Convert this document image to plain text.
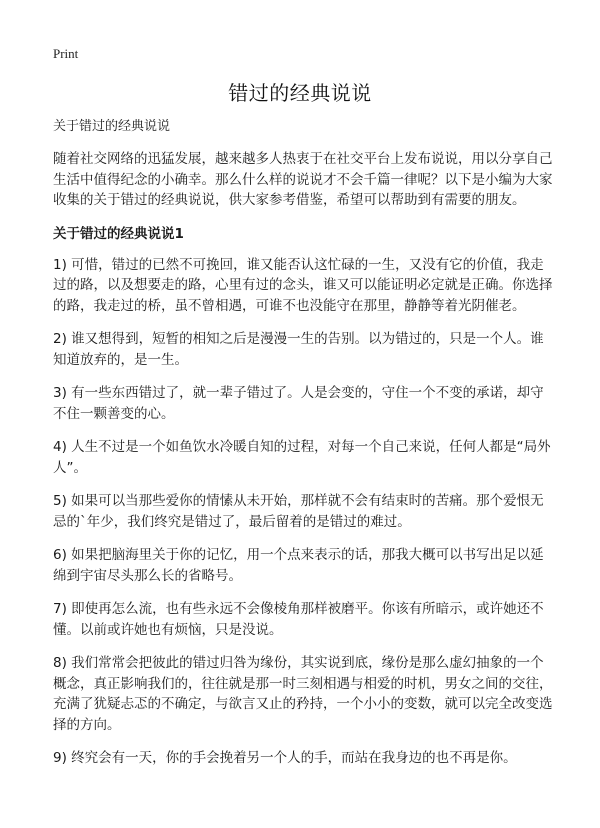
Print
错过的经典说说

关于错过的经典说说

随着社交网络的迅猛发展，越来越多人热衷于在社交平台上发布说说，用以分享自己生活中值得纪念的小确幸。那么什么样的说说才不会千篇一律呢？以下是小编为大家收集的关于错过的经典说说，供大家参考借鉴，希望可以帮助到有需要的朋友。

关于错过的经典说说1

1) 可惜，错过的已然不可挽回，谁又能否认这忙碌的一生，又没有它的价值，我走过的路，以及想要走的路，心里有过的念头，谁又可以能证明必定就是正确。你选择的路，我走过的桥，虽不曾相遇，可谁不也没能守在那里，静静等着光阴催老。

2) 谁又想得到，短暂的相知之后是漫漫一生的告别。以为错过的，只是一个人。谁知道放弃的，是一生。

3) 有一些东西错过了，就一辈子错过了。人是会变的，守住一个不变的承诺，却守不住一颗善变的心。

4) 人生不过是一个如鱼饮水冷暖自知的过程，对每一个自己来说，任何人都是“局外人”。

5) 如果可以当那些爱你的情愫从未开始，那样就不会有结束时的苦痛。那个爱恨无忌的`年少，我们终究是错过了，最后留着的是错过的难过。

6) 如果把脑海里关于你的记忆，用一个点来表示的话，那我大概可以书写出足以延绵到宇宙尽头那么长的省略号。

7) 即使再怎么流，也有些永远不会像棱角那样被磨平。你该有所暗示，或许她还不懂。以前或许她也有烦恼，只是没说。

8) 我们常常会把彼此的错过归咎为缘份，其实说到底，缘份是那么虚幻抽象的一个概念，真正影响我们的，往往就是那一时三刻相遇与相爱的时机，男女之间的交往，充满了犹疑忐忑的不确定，与欲言又止的矜持，一个小小的变数，就可以完全改变选择的方向。

9) 终究会有一天，你的手会挽着另一个人的手，而站在我身边的也不再是你。
